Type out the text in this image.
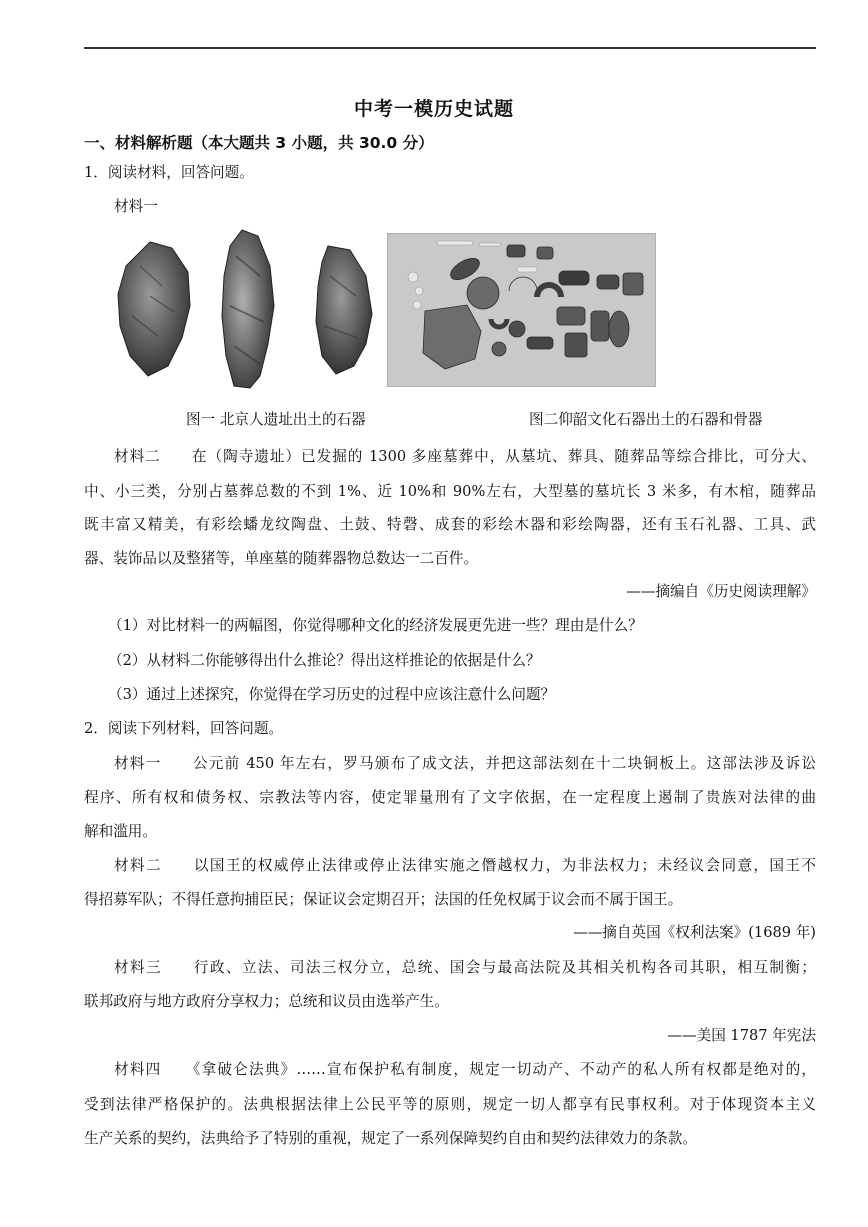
中考一模历史试题
一、材料解析题（本大题共 3 小题，共 30.0 分）
1．阅读材料，回答问题。
材料一
图一 北京人遗址出土的石器	图二仰韶文化石器出土的石器和骨器
材料二　　在（陶寺遗址）已发掘的 1300 多座墓葬中，从墓坑、葬具、随葬品等综合排比，可分大、
中、小三类，分别占墓葬总数的不到 1%、近 10%和 90%左右，大型墓的墓坑长 3 米多，有木棺，随葬品
既丰富又精美，有彩绘蟠龙纹陶盘、土鼓、特磬、成套的彩绘木器和彩绘陶器，还有玉石礼器、工具、武
器、装饰品以及整猪等，单座墓的随葬器物总数达一二百件。
——摘编自《历史阅读理解》
（1）对比材料一的两幅图，你觉得哪种文化的经济发展更先进一些？理由是什么？
（2）从材料二你能够得出什么推论？得出这样推论的依据是什么？
（3）通过上述探究，你觉得在学习历史的过程中应该注意什么问题？
2．阅读下列材料，回答问题。
材料一　　公元前 450 年左右，罗马颁布了成文法，并把这部法刻在十二块铜板上。这部法涉及诉讼
程序、所有权和债务权、宗教法等内容，使定罪量刑有了文字依据，在一定程度上遏制了贵族对法律的曲
解和滥用。
材料二　　以国王的权威停止法律或停止法律实施之僭越权力，为非法权力；未经议会同意，国王不
得招募军队；不得任意拘捕臣民；保证议会定期召开；法国的任免权属于议会而不属于国王。
——摘自英国《权利法案》(1689 年)
材料三　　行政、立法、司法三权分立，总统、国会与最高法院及其相关机构各司其职，相互制衡；
联邦政府与地方政府分享权力；总统和议员由选举产生。
——美国 1787 年宪法
材料四　　《拿破仑法典》……宣布保护私有制度，规定一切动产、不动产的私人所有权都是绝对的，
受到法律严格保护的。法典根据法律上公民平等的原则，规定一切人都享有民事权利。对于体现资本主义
生产关系的契约，法典给予了特别的重视，规定了一系列保障契约自由和契约法律效力的条款。
